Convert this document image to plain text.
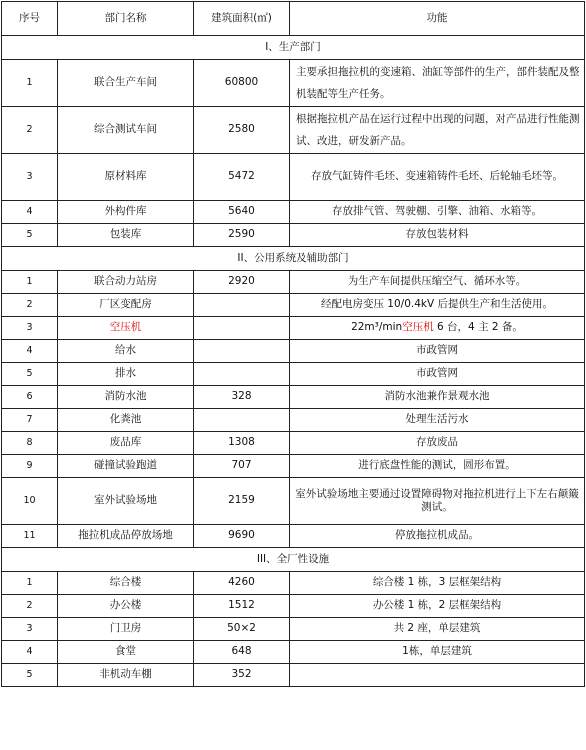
序号	部门名称	建筑面积(㎡)	功能
I、生产部门			
1	联合生产车间	60800	主要承担拖拉机的变速箱、油缸等部件的生产，部件装配及整机装配等生产任务。
2	综合测试车间	2580	根据拖拉机产品在运行过程中出现的问题，对产品进行性能测试、改进，研发新产品。
3	原材料库	5472	存放气缸铸件毛坯、变速箱铸件毛坯、后轮轴毛坯等。
4	外构件库	5640	存放排气管、驾驶棚、引擎、油箱、水箱等。
5	包装库	2590	存放包装材料
II、公用系统及辅助部门			
1	联合动力站房	2920	为生产车间提供压缩空气、循环水等。
2	厂区变配房		经配电房变压 10/0.4kV 后提供生产和生活使用。
3	空压机		22m³/min空压机 6 台，4 主 2 备。
4	给水		市政管网
5	排水		市政管网
6	消防水池	328	消防水池兼作景观水池
7	化粪池		处理生活污水
8	废品库	1308	存放废品
9	碰撞试验跑道	707	进行底盘性能的测试，圆形布置。
10	室外试验场地	2159	室外试验场地主要通过设置障碍物对拖拉机进行上下左右颠簸测试。
11	拖拉机成品停放场地	9690	停放拖拉机成品。
III、全厂性设施			
1	综合楼	4260	综合楼 1 栋，3 层框架结构
2	办公楼	1512	办公楼 1 栋，2 层框架结构
3	门卫房	50×2	共 2 座，单层建筑
4	食堂	648	1栋，单层建筑
5	非机动车棚	352	
